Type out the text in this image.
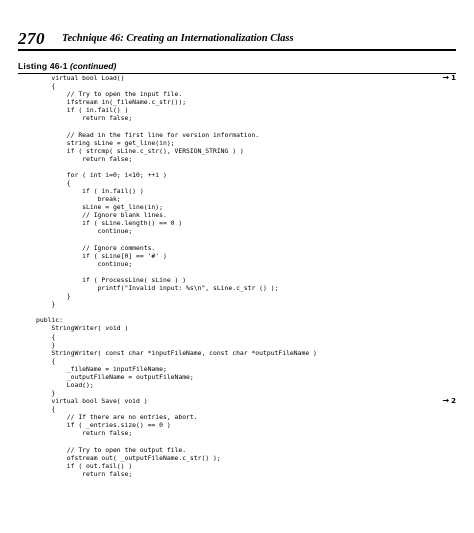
270 Technique 46: Creating an Internationalization Class
Listing 46-1 (continued)
virtual bool Load()
{
// Try to open the input file.
ifstream in(_fileName.c_str());
if ( in.fail() )
return false;
// Read in the first line for version information.
string sLine = get_line(in);
if ( strcmp( sLine.c_str(), VERSION_STRING ) )
return false;
for ( int i=0; i<10; ++i )
{
if ( in.fail() )
break;
sLine = get_line(in);
// Ignore blank lines.
if ( sLine.length() == 0 )
continue;
// Ignore comments.
if ( sLine[0] == '#' )
continue;
if ( ProcessLine( sLine ) )
printf("Invalid input: %s\n", sLine.c_str () );
}
}
public:
StringWriter( void )
{
}
StringWriter( const char *inputFileName, const char *outputFileName )
{
_fileName = inputFileName;
_outputFileName = outputFileName;
Load();
}
virtual bool Save( void )
{
// If there are no entries, abort.
if ( _entries.size() == 0 )
return false;
// Try to open the output file.
ofstream out( _outputFileName.c_str() );
if ( out.fail() )
return false;
→ 1
→ 2
